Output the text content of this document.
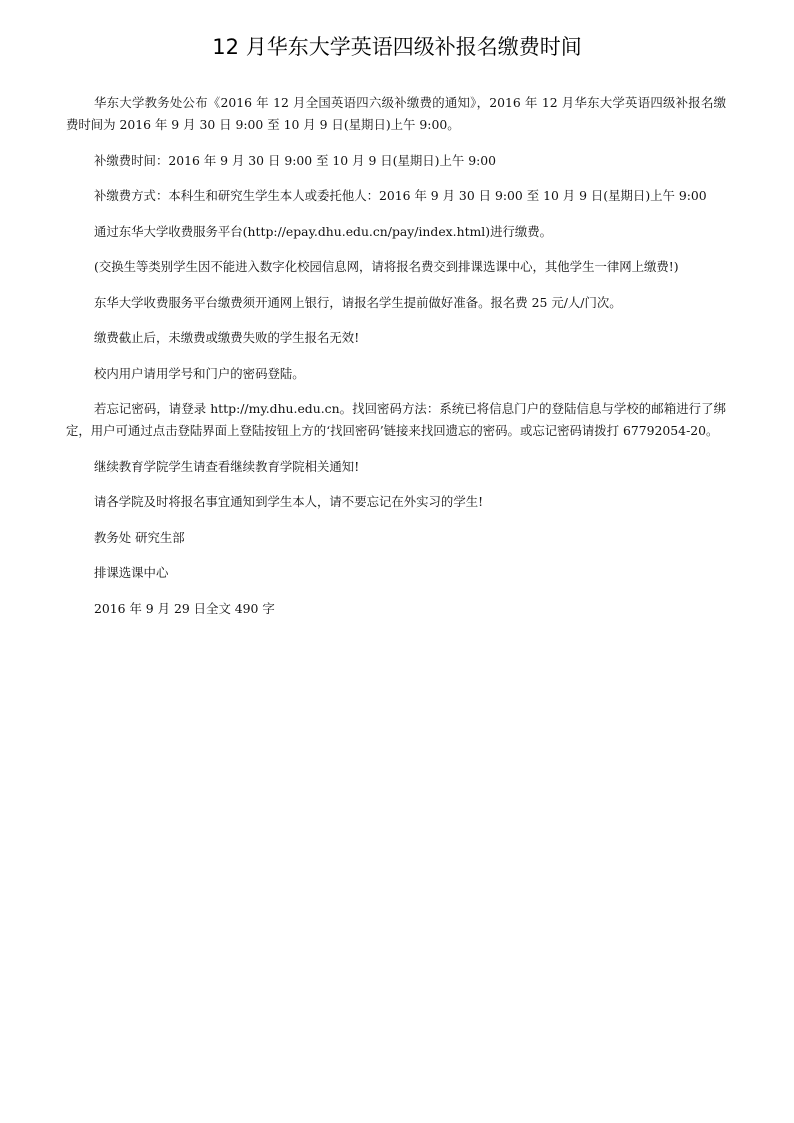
12 月华东大学英语四级补报名缴费时间

华东大学教务处公布《2016 年 12 月全国英语四六级补缴费的通知》，2016 年 12 月华东大学英语四级补报名缴费时间为 2016 年 9 月 30 日 9:00 至 10 月 9 日(星期日)上午 9:00。

补缴费时间：2016 年 9 月 30 日 9:00 至 10 月 9 日(星期日)上午 9:00

补缴费方式：本科生和研究生学生本人或委托他人：2016 年 9 月 30 日 9:00 至 10 月 9 日(星期日)上午 9:00

通过东华大学收费服务平台(http://epay.dhu.edu.cn/pay/index.html)进行缴费。

(交换生等类别学生因不能进入数字化校园信息网，请将报名费交到排课选课中心，其他学生一律网上缴费!)

东华大学收费服务平台缴费须开通网上银行，请报名学生提前做好准备。报名费 25 元/人/门次。

缴费截止后，未缴费或缴费失败的学生报名无效!

校内用户请用学号和门户的密码登陆。

若忘记密码，请登录 http://my.dhu.edu.cn。找回密码方法：系统已将信息门户的登陆信息与学校的邮箱进行了绑定，用户可通过点击登陆界面上登陆按钮上方的‘找回密码’链接来找回遗忘的密码。或忘记密码请拨打 67792054-20。

继续教育学院学生请查看继续教育学院相关通知!

请各学院及时将报名事宜通知到学生本人，请不要忘记在外实习的学生!

教务处 研究生部

排课选课中心

2016 年 9 月 29 日全文 490 字
